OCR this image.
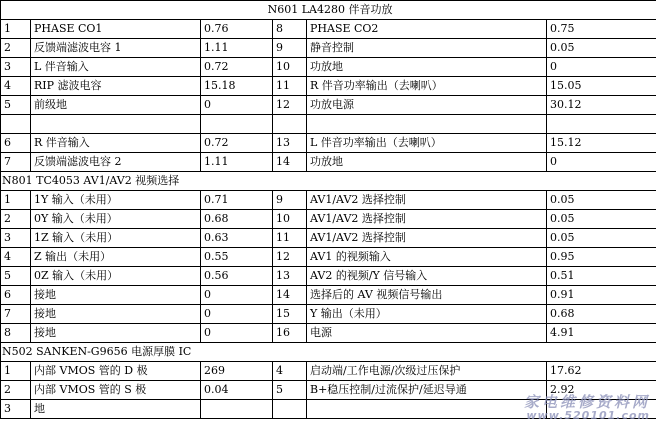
N601 LA4280 伴音功放					
1	PHASE CO1	0.76	8	PHASE CO2	0.75
2	反馈端滤波电容 1	1.11	9	静音控制	0.05
3	L 伴音输入	0.72	10	功放地	0
4	RIP 滤波电容	15.18	11	R 伴音功率输出（去喇叭）	15.05
5	前级地	0	12	功放电源	30.12

6	R 伴音输入	0.72	13	L 伴音功率输出（去喇叭）	15.12
7	反馈端滤波电容 2	1.11	14	功放地	0
N801 TC4053 AV1/AV2 视频选择					
1	1Y 输入（未用）	0.71	9	AV1/AV2 选择控制	0.05
2	0Y 输入（未用）	0.68	10	AV1/AV2 选择控制	0.05
3	1Z 输入（未用）	0.63	11	AV1/AV2 选择控制	0.05
4	Z 输出（未用）	0.55	12	AV1 的视频输入	0.95
5	0Z 输入（未用）	0.56	13	AV2 的视频/Y 信号输入	0.51
6	接地	0	14	选择后的 AV 视频信号输出	0.91
7	接地	0	15	Y 输出（未用）	0.68
8	接地	0	16	电源	4.91
N502 SANKEN-G9656 电源厚膜 IC					
1	内部 VMOS 管的 D 极	269	4	启动端/工作电源/次级过压保护	17.62
2	内部 VMOS 管的 S 极	0.04	5	B+稳压控制/过流保护/延迟导通	2.92
3	地					家电维修资料网
www.520101.com
